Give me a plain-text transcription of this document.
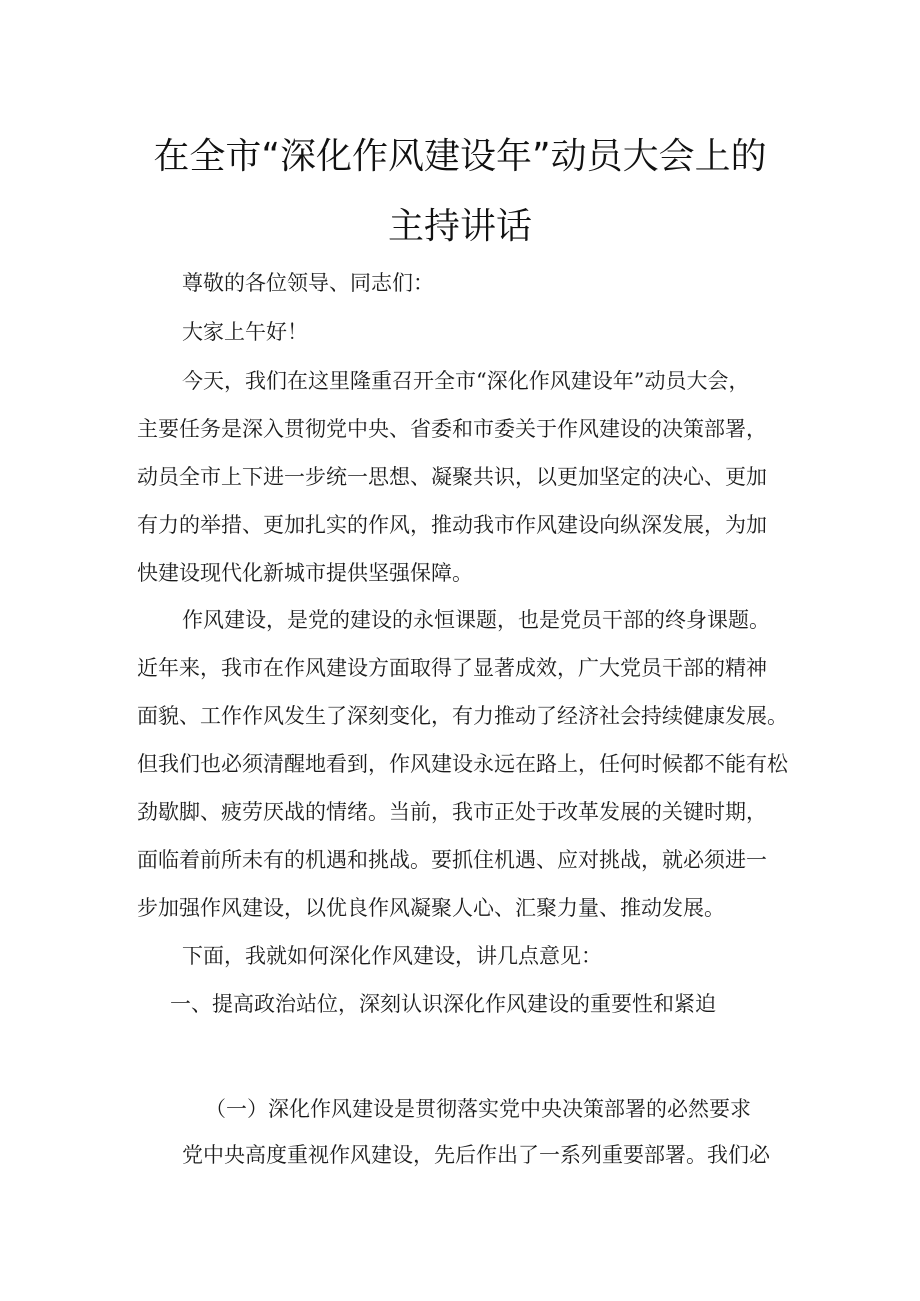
在全市“深化作风建设年”动员大会上的
主持讲话
尊敬的各位领导、同志们：
大家上午好！
今天，我们在这里隆重召开全市“深化作风建设年”动员大会，
主要任务是深入贯彻党中央、省委和市委关于作风建设的决策部署，
动员全市上下进一步统一思想、凝聚共识，以更加坚定的决心、更加
有力的举措、更加扎实的作风，推动我市作风建设向纵深发展，为加
快建设现代化新城市提供坚强保障。
作风建设，是党的建设的永恒课题，也是党员干部的终身课题。
近年来，我市在作风建设方面取得了显著成效，广大党员干部的精神
面貌、工作作风发生了深刻变化，有力推动了经济社会持续健康发展。
但我们也必须清醒地看到，作风建设永远在路上，任何时候都不能有松
劲歇脚、疲劳厌战的情绪。当前，我市正处于改革发展的关键时期，
面临着前所未有的机遇和挑战。要抓住机遇、应对挑战，就必须进一
步加强作风建设，以优良作风凝聚人心、汇聚力量、推动发展。
下面，我就如何深化作风建设，讲几点意见：
一、提高政治站位，深刻认识深化作风建设的重要性和紧迫
（一）深化作风建设是贯彻落实党中央决策部署的必然要求
党中央高度重视作风建设，先后作出了一系列重要部署。我们必
